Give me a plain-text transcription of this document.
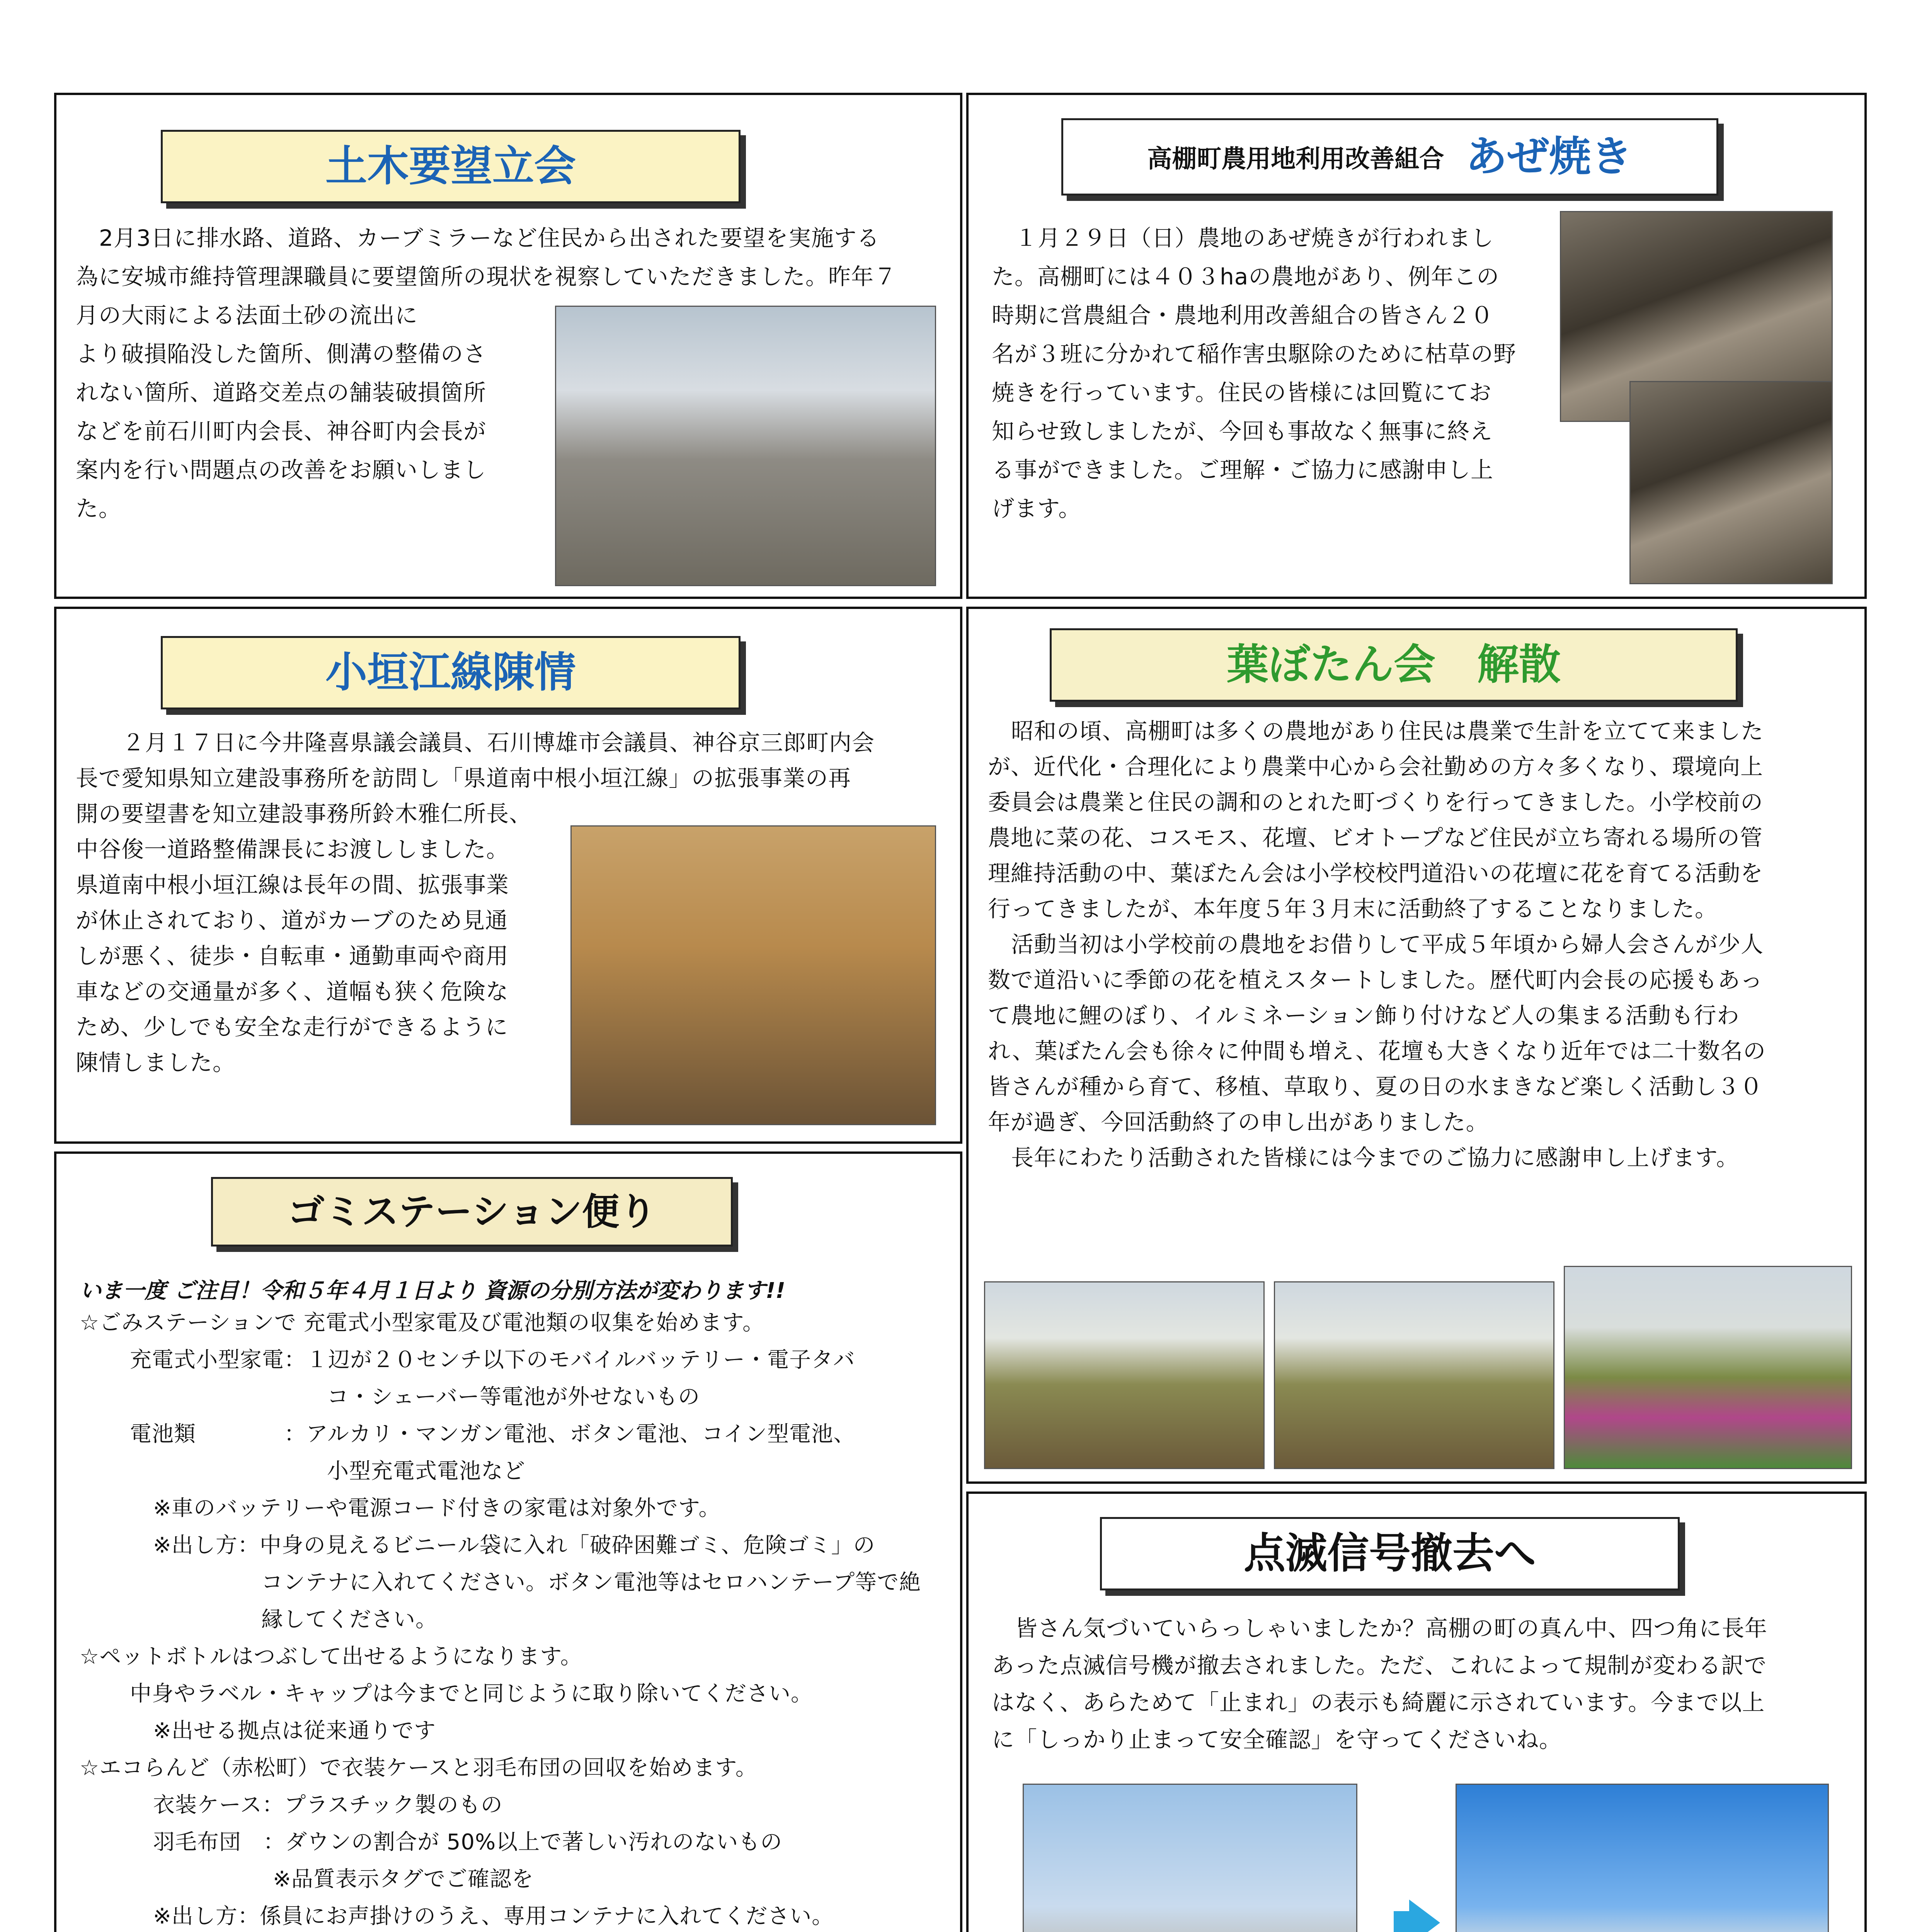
土木要望立会
2月3日に排水路、道路、カーブミラーなど住民から出された要望を実施する
為に安城市維持管理課職員に要望箇所の現状を視察していただきました。昨年７
月の大雨による法面土砂の流出に
より破損陥没した箇所、側溝の整備のさ
れない箇所、道路交差点の舗装破損箇所
などを前石川町内会長、神谷町内会長が
案内を行い問題点の改善をお願いしまし
た。
高棚町農用地利用改善組合 あぜ焼き
１月２９日（日）農地のあぜ焼きが行われまし
た。高棚町には４０３haの農地があり、例年この
時期に営農組合・農地利用改善組合の皆さん２０
名が３班に分かれて稲作害虫駆除のために枯草の野
焼きを行っています。住民の皆様には回覧にてお
知らせ致しましたが、今回も事故なく無事に終え
る事ができました。ご理解・ご協力に感謝申し上
げます。
小垣江線陳情
２月１７日に今井隆喜県議会議員、石川博雄市会議員、神谷京三郎町内会
長で愛知県知立建設事務所を訪問し「県道南中根小垣江線」の拡張事業の再
開の要望書を知立建設事務所鈴木雅仁所長、
中谷俊一道路整備課長にお渡ししました。
県道南中根小垣江線は長年の間、拡張事業
が休止されており、道がカーブのため見通
しが悪く、徒歩・自転車・通勤車両や商用
車などの交通量が多く、道幅も狭く危険な
ため、少しでも安全な走行ができるように
陳情しました。
葉ぼたん会　解散
昭和の頃、高棚町は多くの農地があり住民は農業で生計を立てて来ました
が、近代化・合理化により農業中心から会社勤めの方々多くなり、環境向上
委員会は農業と住民の調和のとれた町づくりを行ってきました。小学校前の
農地に菜の花、コスモス、花壇、ビオトープなど住民が立ち寄れる場所の管
理維持活動の中、葉ぼたん会は小学校校門道沿いの花壇に花を育てる活動を
行ってきましたが、本年度５年３月末に活動終了することなりました。
活動当初は小学校前の農地をお借りして平成５年頃から婦人会さんが少人
数で道沿いに季節の花を植えスタートしました。歴代町内会長の応援もあっ
て農地に鯉のぼり、イルミネーション飾り付けなど人の集まる活動も行わ
れ、葉ぼたん会も徐々に仲間も増え、花壇も大きくなり近年では二十数名の
皆さんが種から育て、移植、草取り、夏の日の水まきなど楽しく活動し３０
年が過ぎ、今回活動終了の申し出がありました。
長年にわたり活動された皆様には今までのご協力に感謝申し上げます。
ゴミステーション便り
いま一度 ご注目！令和５年４月１日より 資源の分別方法が変わります!!
☆ごみステーションで 充電式小型家電及び電池類の収集を始めます。
充電式小型家電：１辺が２０センチ以下のモバイルバッテリー・電子タバ
コ・シェーバー等電池が外せないもの
電池類　　　　：アルカリ・マンガン電池、ボタン電池、コイン型電池、
小型充電式電池など
※車のバッテリーや電源コード付きの家電は対象外です。
※出し方：中身の見えるビニール袋に入れ「破砕困難ゴミ、危険ゴミ」の
コンテナに入れてください。ボタン電池等はセロハンテープ等で絶
縁してください。
☆ペットボトルはつぶして出せるようになります。
中身やラベル・キャップは今までと同じように取り除いてください。
※出せる拠点は従来通りです
☆エコらんど（赤松町）で衣装ケースと羽毛布団の回収を始めます。
衣装ケース：プラスチック製のもの
羽毛布団　：ダウンの割合が 50%以上で著しい汚れのないもの
※品質表示タグでご確認を
※出し方：係員にお声掛けのうえ、専用コンテナに入れてください。
点滅信号撤去へ
皆さん気づいていらっしゃいましたか？高棚の町の真ん中、四つ角に長年
あった点滅信号機が撤去されました。ただ、これによって規制が変わる訳で
はなく、あらためて「止まれ」の表示も綺麗に示されています。今まで以上
に「しっかり止まって安全確認」を守ってくださいね。
